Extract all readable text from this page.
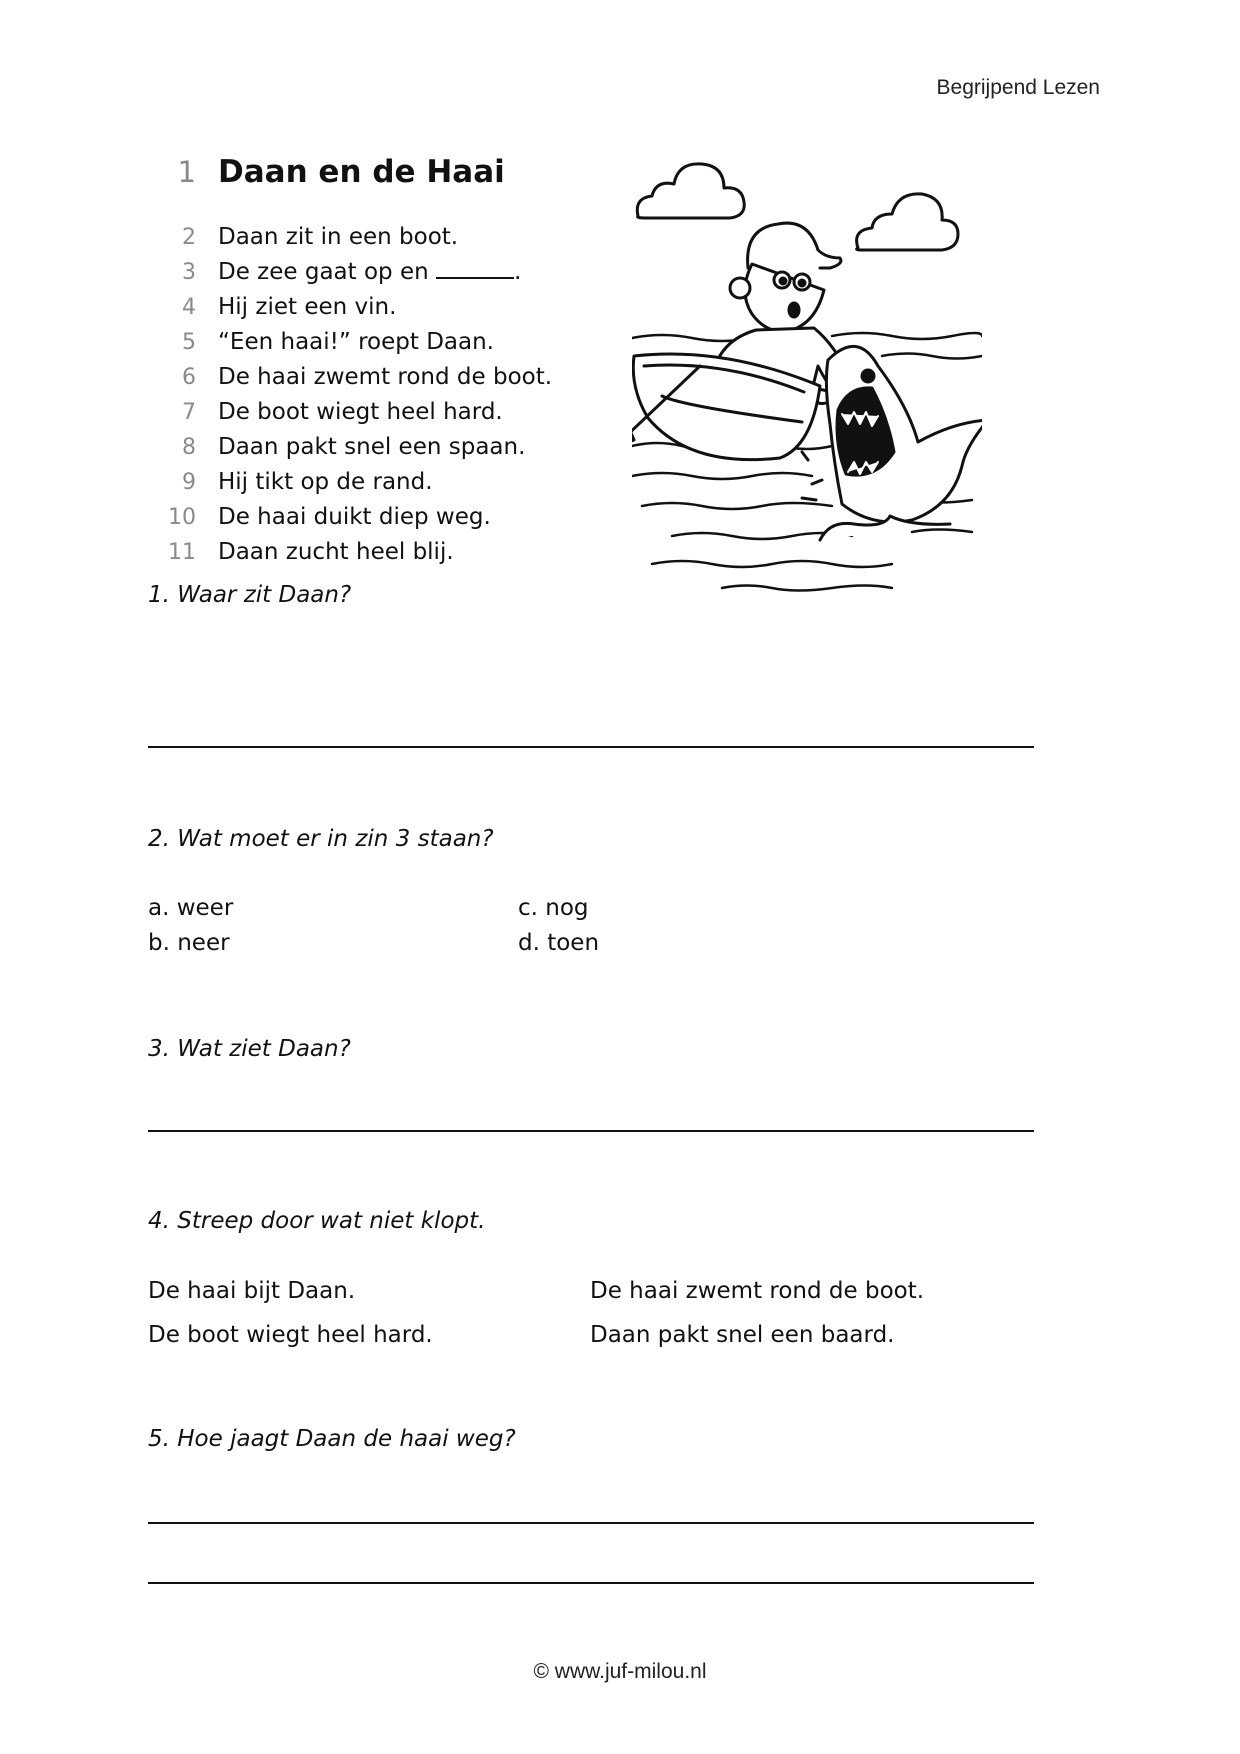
Begrijpend Lezen
1 Daan en de Haai
2 Daan zit in een boot.
3 De zee gaat op en	.
4 Hij ziet een vin.
5 “Een haai!” roept Daan.
6 De haai zwemt rond de boot.
7 De boot wiegt heel hard.
8 Daan pakt snel een spaan.
9 Hij tikt op de rand.
10 De haai duikt diep weg.
11 Daan zucht heel blij.
1. Waar zit Daan?
2. Wat moet er in zin 3 staan?
a. weer
b. neer
c. nog
d. toen
3. Wat ziet Daan?
4. Streep door wat niet klopt.
De haai bijt Daan.	De haai zwemt rond de boot.
De boot wiegt heel hard.	Daan pakt snel een baard.
5. Hoe jaagt Daan de haai weg?
© www.juf-milou.nl
